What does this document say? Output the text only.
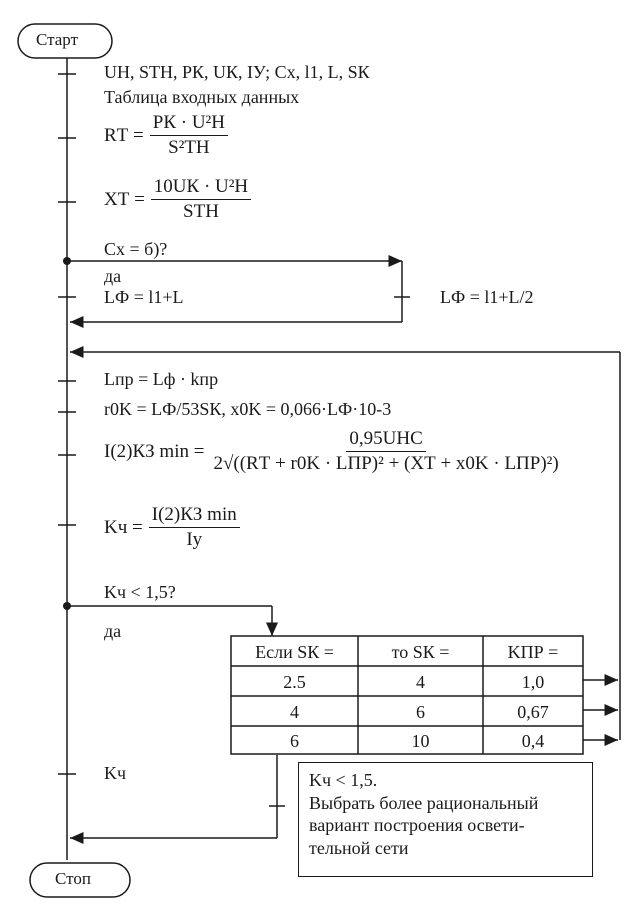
Старт
Стоп
UН, SТН, PК, UК, IУ; Cx, l1, L, SК
Таблица входных данных
RТ = $\frac{\text{PК · U²Н}}{\text{S²ТН}}$
XТ = $\frac{\text{10UК · U²Н}}{\text{SТН}}$
Cx = б)?
да
LФ = l1+L	LФ = l1+L/2
Lпр = Lф · kпр
r0K = LФ/53SК, x0K = 0,066·LФ·10-3
I(2)КЗ $\min = \frac{\text{0,95UНС}}{\text{2√((RТ + r0K · LПР)² + (XТ + x0K · LПР)²)}}$
Kч = $\frac{\text{I(2)КЗ min}}{Iy}$
Kч < 1,5?
да
Kч
Если SК =	то SК =	KПР =
2.5	4	1,0
4	6	0,67
6	10	0,4
Kч < 1,5.
Выбрать более рациональный
вариант построения освети-
тельной сети
